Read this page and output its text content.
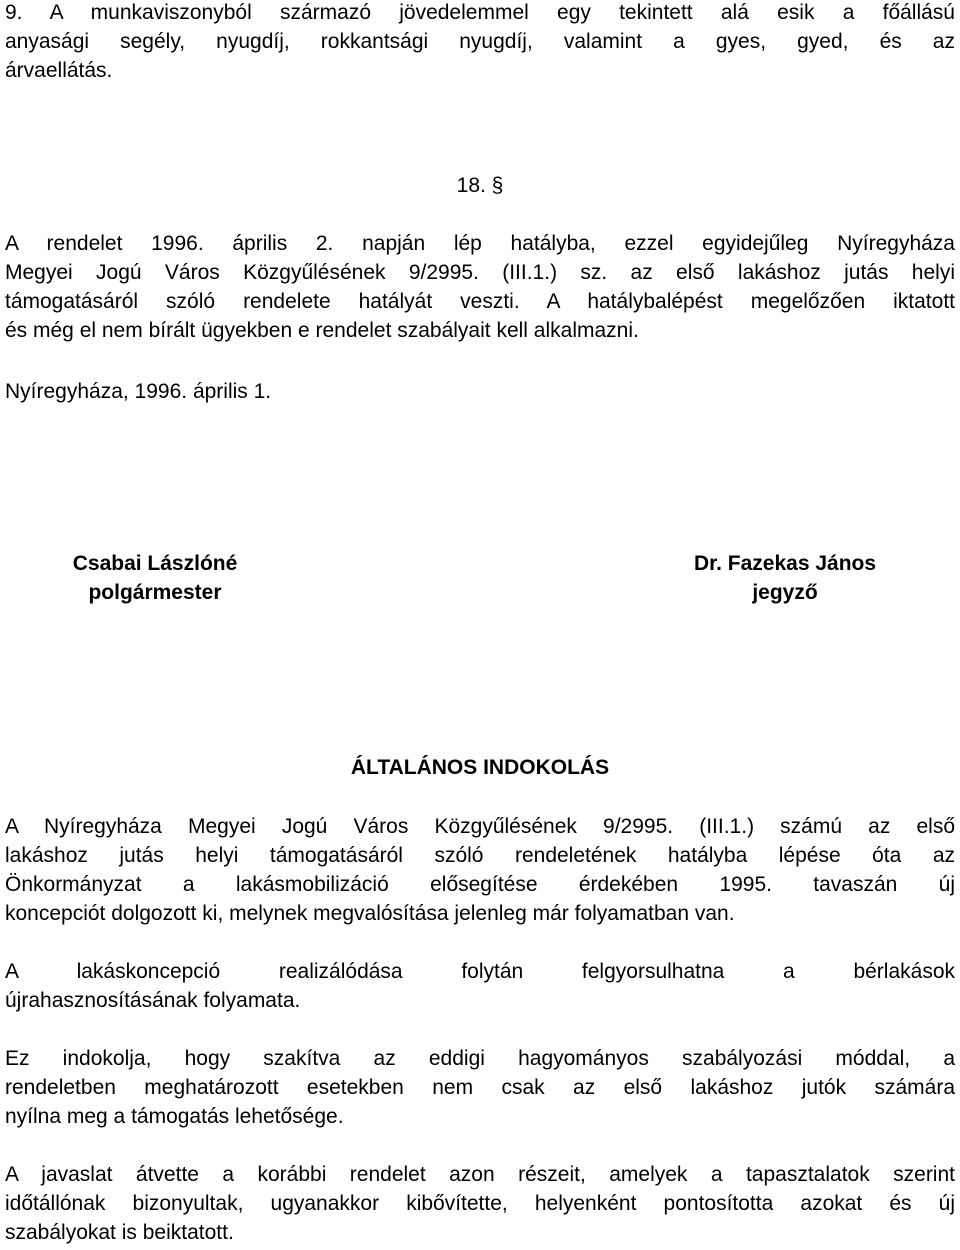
9. A munkaviszonyból származó jövedelemmel egy tekintett alá esik a főállású

anyasági segély, nyugdíj, rokkantsági nyugdíj, valamint a gyes, gyed, és az

árvaellátás.

18. §

A rendelet 1996. április 2. napján lép hatályba, ezzel egyidejűleg Nyíregyháza

Megyei Jogú Város Közgyűlésének 9/2995. (III.1.) sz. az első lakáshoz jutás helyi

támogatásáról szóló rendelete hatályát veszti. A hatálybalépést megelőzően iktatott

és még el nem bírált ügyekben e rendelet szabályait kell alkalmazni.

Nyíregyháza, 1996. április 1.

Csabai Lászlóné
polgármester
Dr. Fazekas János
jegyző
ÁLTALÁNOS INDOKOLÁS

A Nyíregyháza Megyei Jogú Város Közgyűlésének 9/2995. (III.1.) számú az első

lakáshoz jutás helyi támogatásáról szóló rendeletének hatályba lépése óta az

Önkormányzat a lakásmobilizáció elősegítése érdekében 1995. tavaszán új

koncepciót dolgozott ki, melynek megvalósítása jelenleg már folyamatban van.

A lakáskoncepció realizálódása folytán felgyorsulhatna a bérlakások

újrahasznosításának folyamata.

Ez indokolja, hogy szakítva az eddigi hagyományos szabályozási móddal, a

rendeletben meghatározott esetekben nem csak az első lakáshoz jutók számára

nyílna meg a támogatás lehetősége.

A javaslat átvette a korábbi rendelet azon részeit, amelyek a tapasztalatok szerint

időtállónak bizonyultak, ugyanakkor kibővítette, helyenként pontosította azokat és új

szabályokat is beiktatott.
